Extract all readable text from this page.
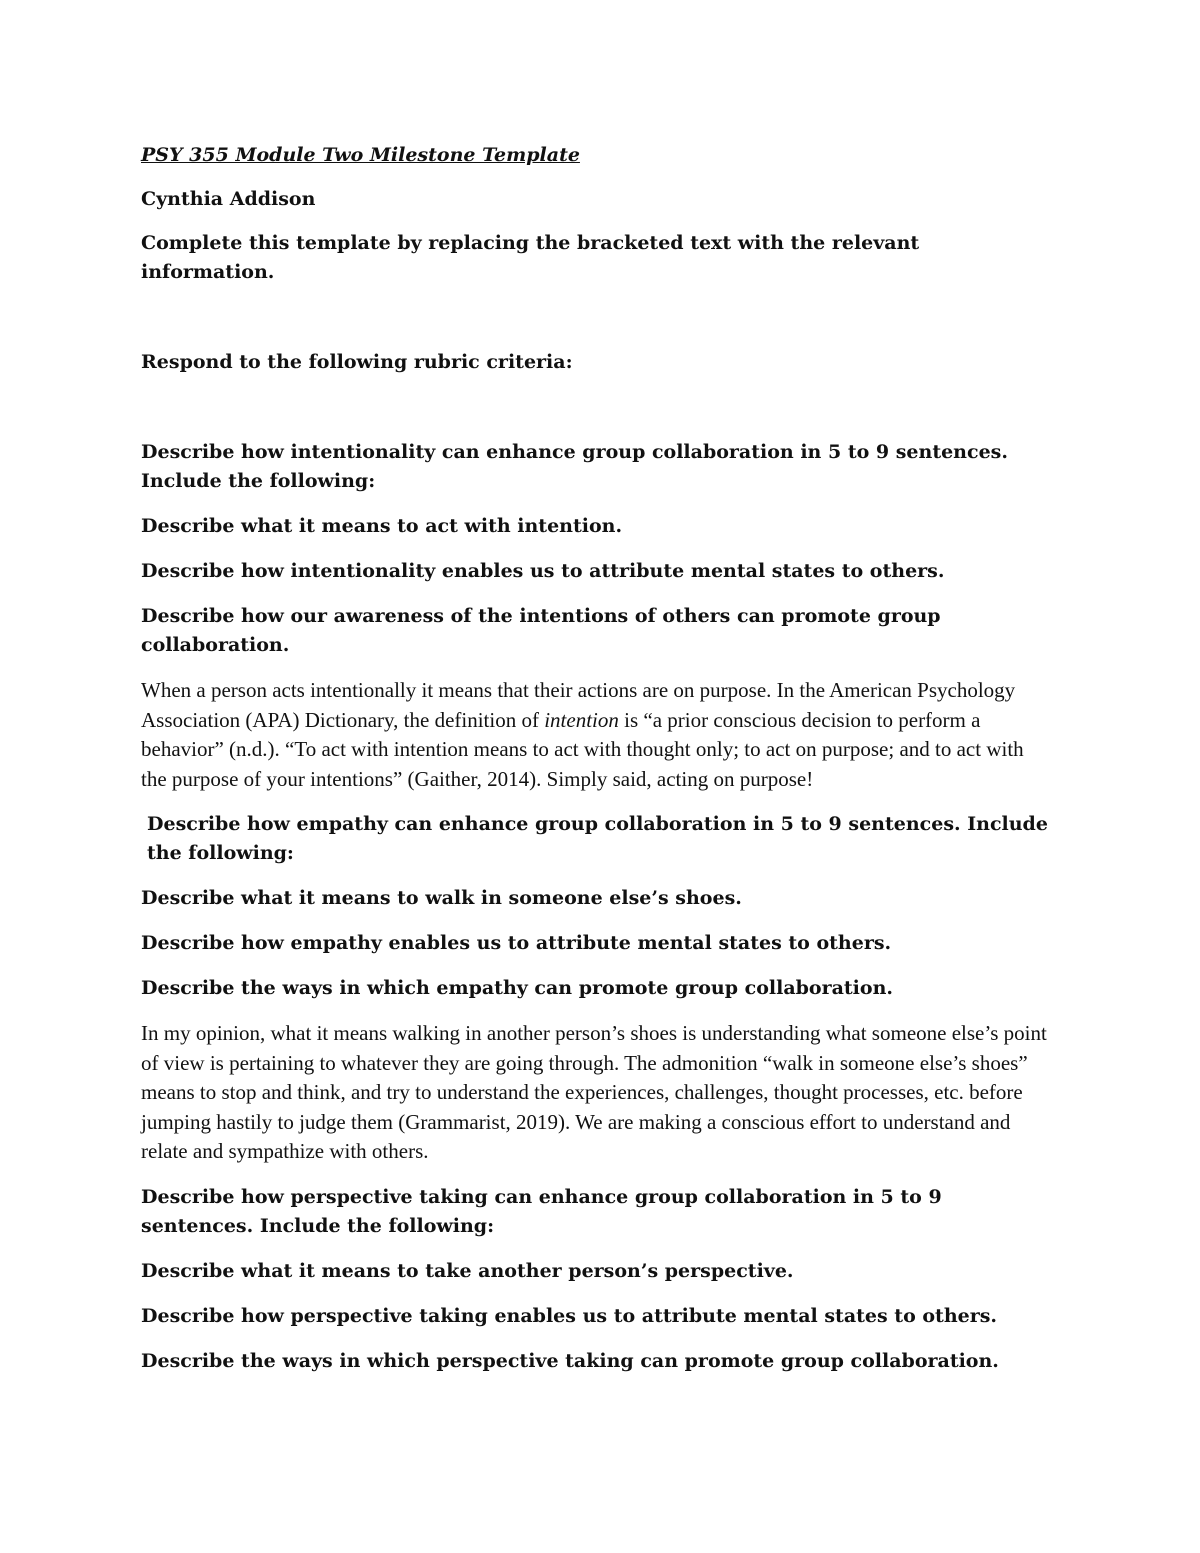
PSY 355 Module Two Milestone Template

Cynthia Addison

Complete this template by replacing the bracketed text with the relevant information.

Respond to the following rubric criteria:

Describe how intentionality can enhance group collaboration in 5 to 9 sentences. Include the following:

Describe what it means to act with intention.

Describe how intentionality enables us to attribute mental states to others.

Describe how our awareness of the intentions of others can promote group collaboration.

When a person acts intentionally it means that their actions are on purpose. In the American Psychology Association (APA) Dictionary, the definition of intention is “a prior conscious decision to perform a behavior” (n.d.). “To act with intention means to act with thought only; to act on purpose; and to act with the purpose of your intentions” (Gaither, 2014). Simply said, acting on purpose!

Describe how empathy can enhance group collaboration in 5 to 9 sentences. Include the following:

Describe what it means to walk in someone else’s shoes.

Describe how empathy enables us to attribute mental states to others.

Describe the ways in which empathy can promote group collaboration.

In my opinion, what it means walking in another person’s shoes is understanding what someone else’s point of view is pertaining to whatever they are going through. The admonition “walk in someone else’s shoes” means to stop and think, and try to understand the experiences, challenges, thought processes, etc. before jumping hastily to judge them (Grammarist, 2019). We are making a conscious effort to understand and relate and sympathize with others.

Describe how perspective taking can enhance group collaboration in 5 to 9 sentences. Include the following:

Describe what it means to take another person’s perspective.

Describe how perspective taking enables us to attribute mental states to others.

Describe the ways in which perspective taking can promote group collaboration.
